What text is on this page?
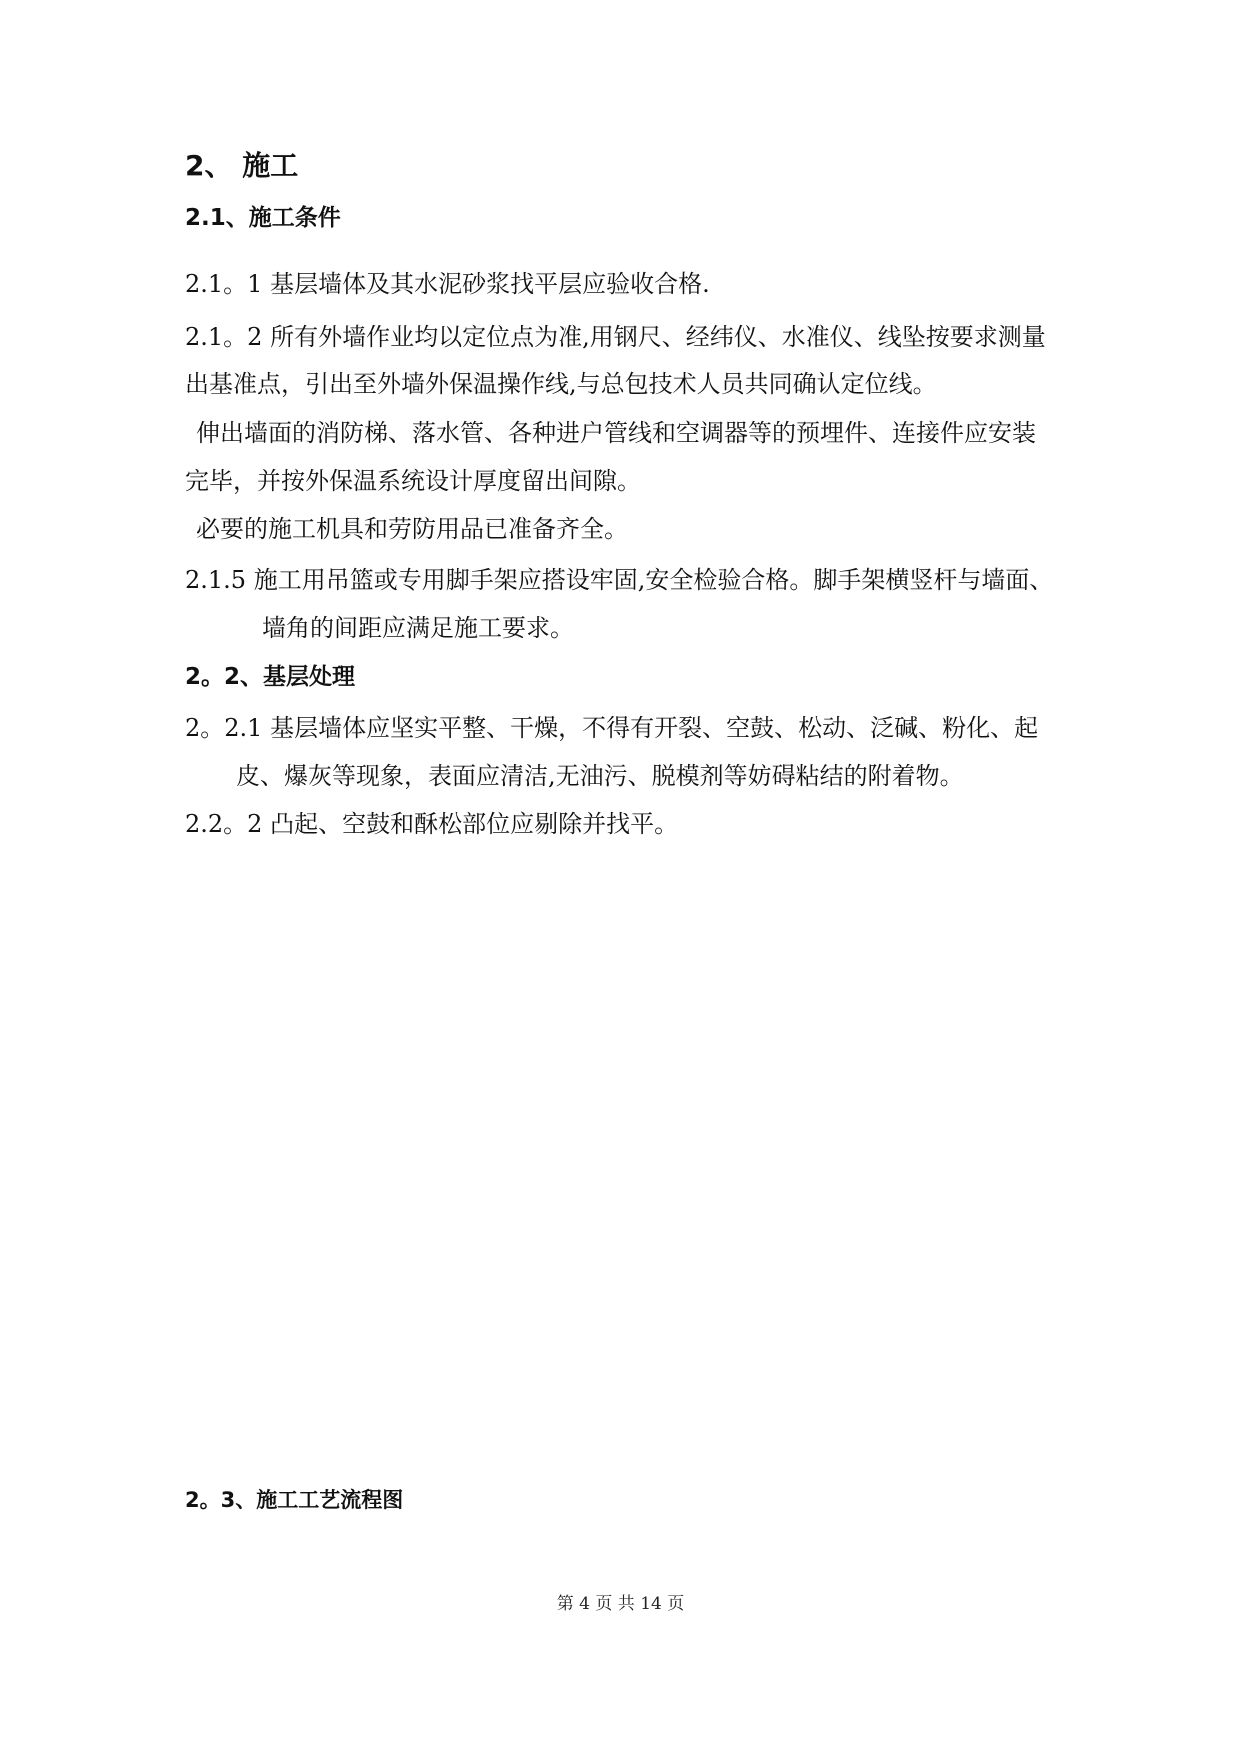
2、 施工
2.1、施工条件
2.1。1 基层墙体及其水泥砂浆找平层应验收合格.
2.1。2 所有外墙作业均以定位点为准,用钢尺、经纬仪、水准仪、线坠按要求测量
出基准点，引出至外墙外保温操作线,与总包技术人员共同确认定位线。
伸出墙面的消防梯、落水管、各种进户管线和空调器等的预埋件、连接件应安装
完毕，并按外保温系统设计厚度留出间隙。
必要的施工机具和劳防用品已准备齐全。
2.1.5 施工用吊篮或专用脚手架应搭设牢固,安全检验合格。脚手架横竖杆与墙面、
墙角的间距应满足施工要求。
2。2、基层处理
2。2.1 基层墙体应坚实平整、干燥，不得有开裂、空鼓、松动、泛碱、粉化、起
皮、爆灰等现象，表面应清洁,无油污、脱模剂等妨碍粘结的附着物。
2.2。2 凸起、空鼓和酥松部位应剔除并找平。
2。3、施工工艺流程图
第 4 页 共 14 页
